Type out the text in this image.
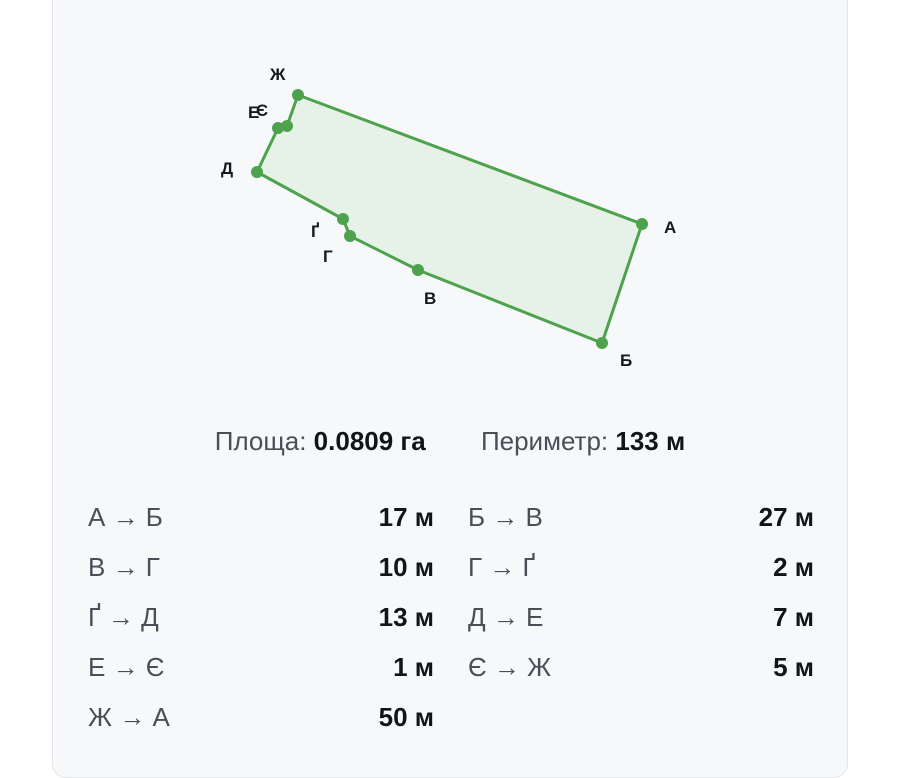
А
Б
В
Г
Ґ
Д
Е
Є
Ж
Площа: 0.0809 га Периметр: 133 м
А → Б	17 м Б → В	27 м
В → Г	10 м Г → Ґ	2 м
Ґ → Д	13 м Д → Е	7 м
Е → Є	1 м Є → Ж	5 м
Ж → А	50 м
